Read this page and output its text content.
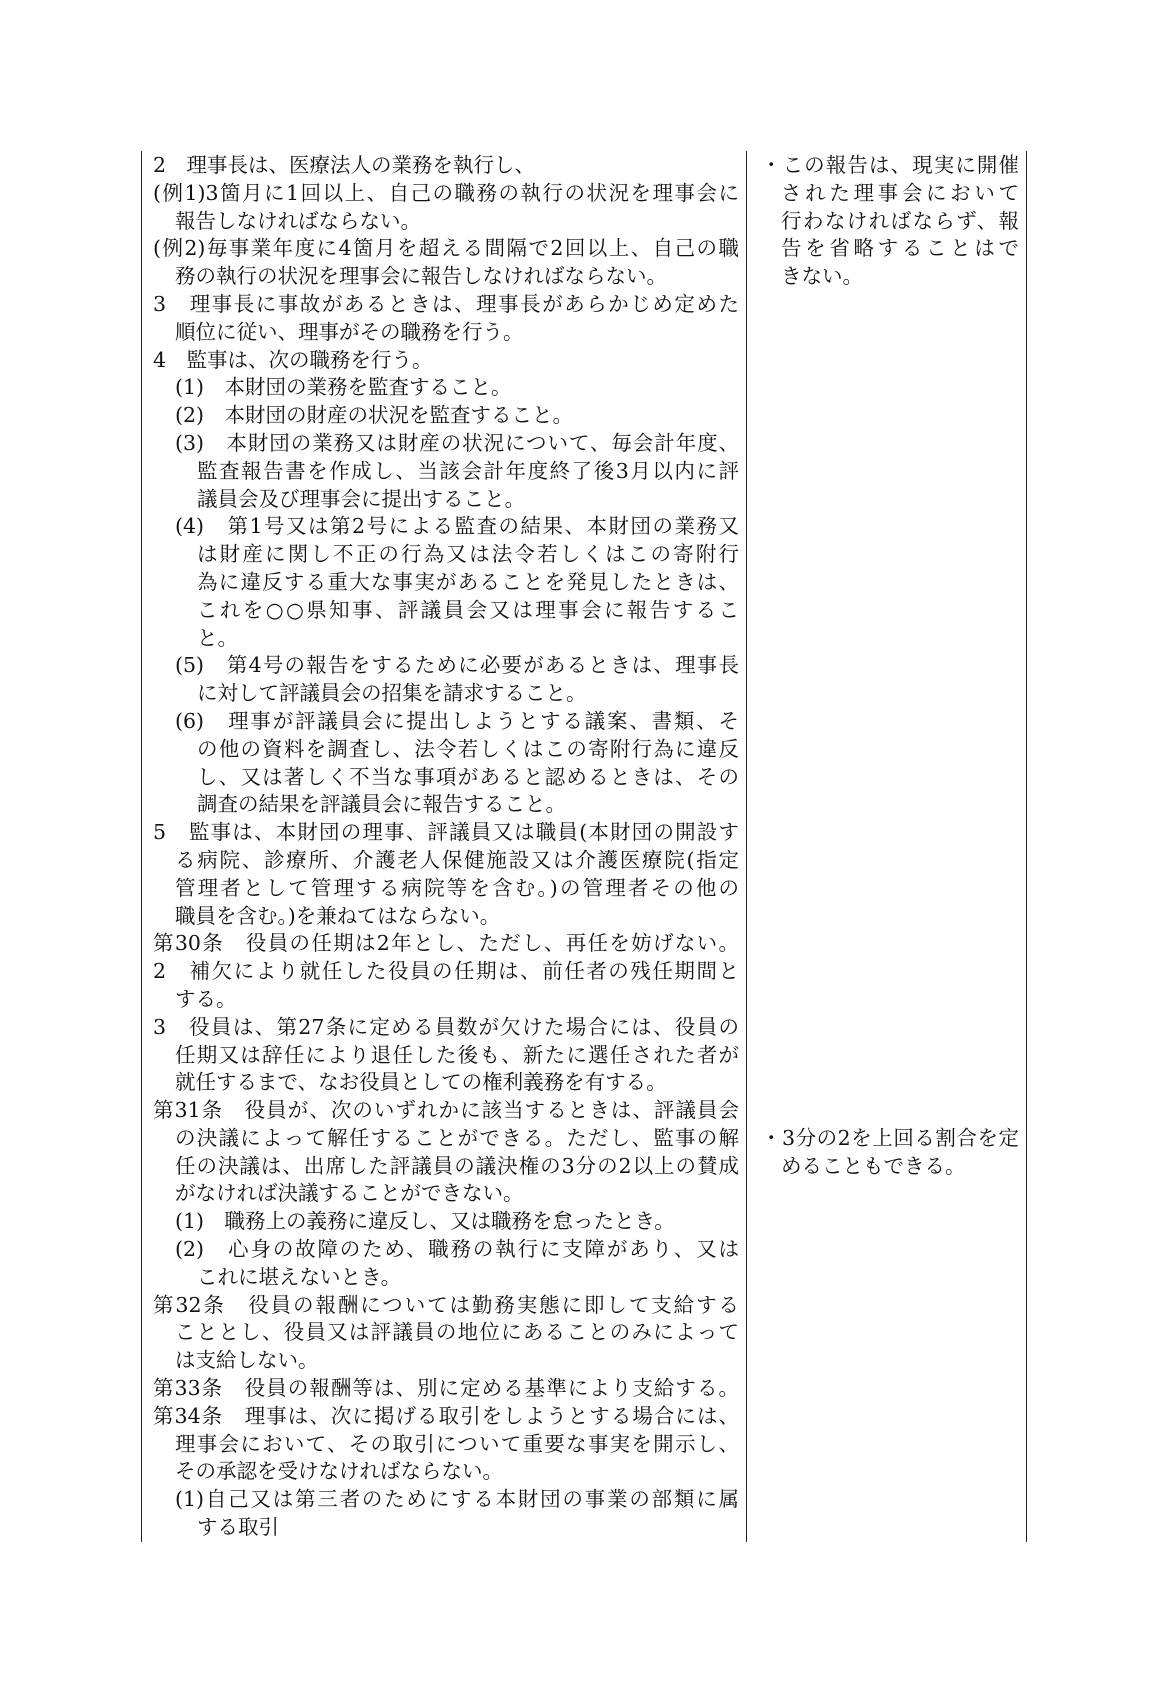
2　理事長は、医療法人の業務を執行し、
(例1)3箇月に1回以上、自己の職務の執行の状況を理事会に
報告しなければならない。
(例2)毎事業年度に4箇月を超える間隔で2回以上、自己の職
務の執行の状況を理事会に報告しなければならない。
3　理事長に事故があるときは、理事長があらかじめ定めた
順位に従い、理事がその職務を行う。
4　監事は、次の職務を行う。
(1)　本財団の業務を監査すること。
(2)　本財団の財産の状況を監査すること。
(3)　本財団の業務又は財産の状況について、毎会計年度、
監査報告書を作成し、当該会計年度終了後3月以内に評
議員会及び理事会に提出すること。
(4)　第1号又は第2号による監査の結果、本財団の業務又
は財産に関し不正の行為又は法令若しくはこの寄附行
為に違反する重大な事実があることを発見したときは、
これを○○県知事、評議員会又は理事会に報告するこ
と。
(5)　第4号の報告をするために必要があるときは、理事長
に対して評議員会の招集を請求すること。
(6)　理事が評議員会に提出しようとする議案、書類、そ
の他の資料を調査し、法令若しくはこの寄附行為に違反
し、又は著しく不当な事項があると認めるときは、その
調査の結果を評議員会に報告すること。
5　監事は、本財団の理事、評議員又は職員(本財団の開設す
る病院、診療所、介護老人保健施設又は介護医療院(指定
管理者として管理する病院等を含む。)の管理者その他の
職員を含む。)を兼ねてはならない。
第30条　役員の任期は2年とし、ただし、再任を妨げない。
2　補欠により就任した役員の任期は、前任者の残任期間と
する。
3　役員は、第27条に定める員数が欠けた場合には、役員の
任期又は辞任により退任した後も、新たに選任された者が
就任するまで、なお役員としての権利義務を有する。
第31条　役員が、次のいずれかに該当するときは、評議員会
の決議によって解任することができる。ただし、監事の解
任の決議は、出席した評議員の議決権の3分の2以上の賛成
がなければ決議することができない。
(1)　職務上の義務に違反し、又は職務を怠ったとき。
(2)　心身の故障のため、職務の執行に支障があり、又は
これに堪えないとき。
第32条　役員の報酬については勤務実態に即して支給する
こととし、役員又は評議員の地位にあることのみによって
は支給しない。
第33条　役員の報酬等は、別に定める基準により支給する。
第34条　理事は、次に掲げる取引をしようとする場合には、
理事会において、その取引について重要な事実を開示し、
その承認を受けなければならない。
(1)自己又は第三者のためにする本財団の事業の部類に属
する取引
・この報告は、現実に開催
された理事会において
行わなければならず、報
告を省略することはで
きない。
・3分の2を上回る割合を定
めることもできる。
